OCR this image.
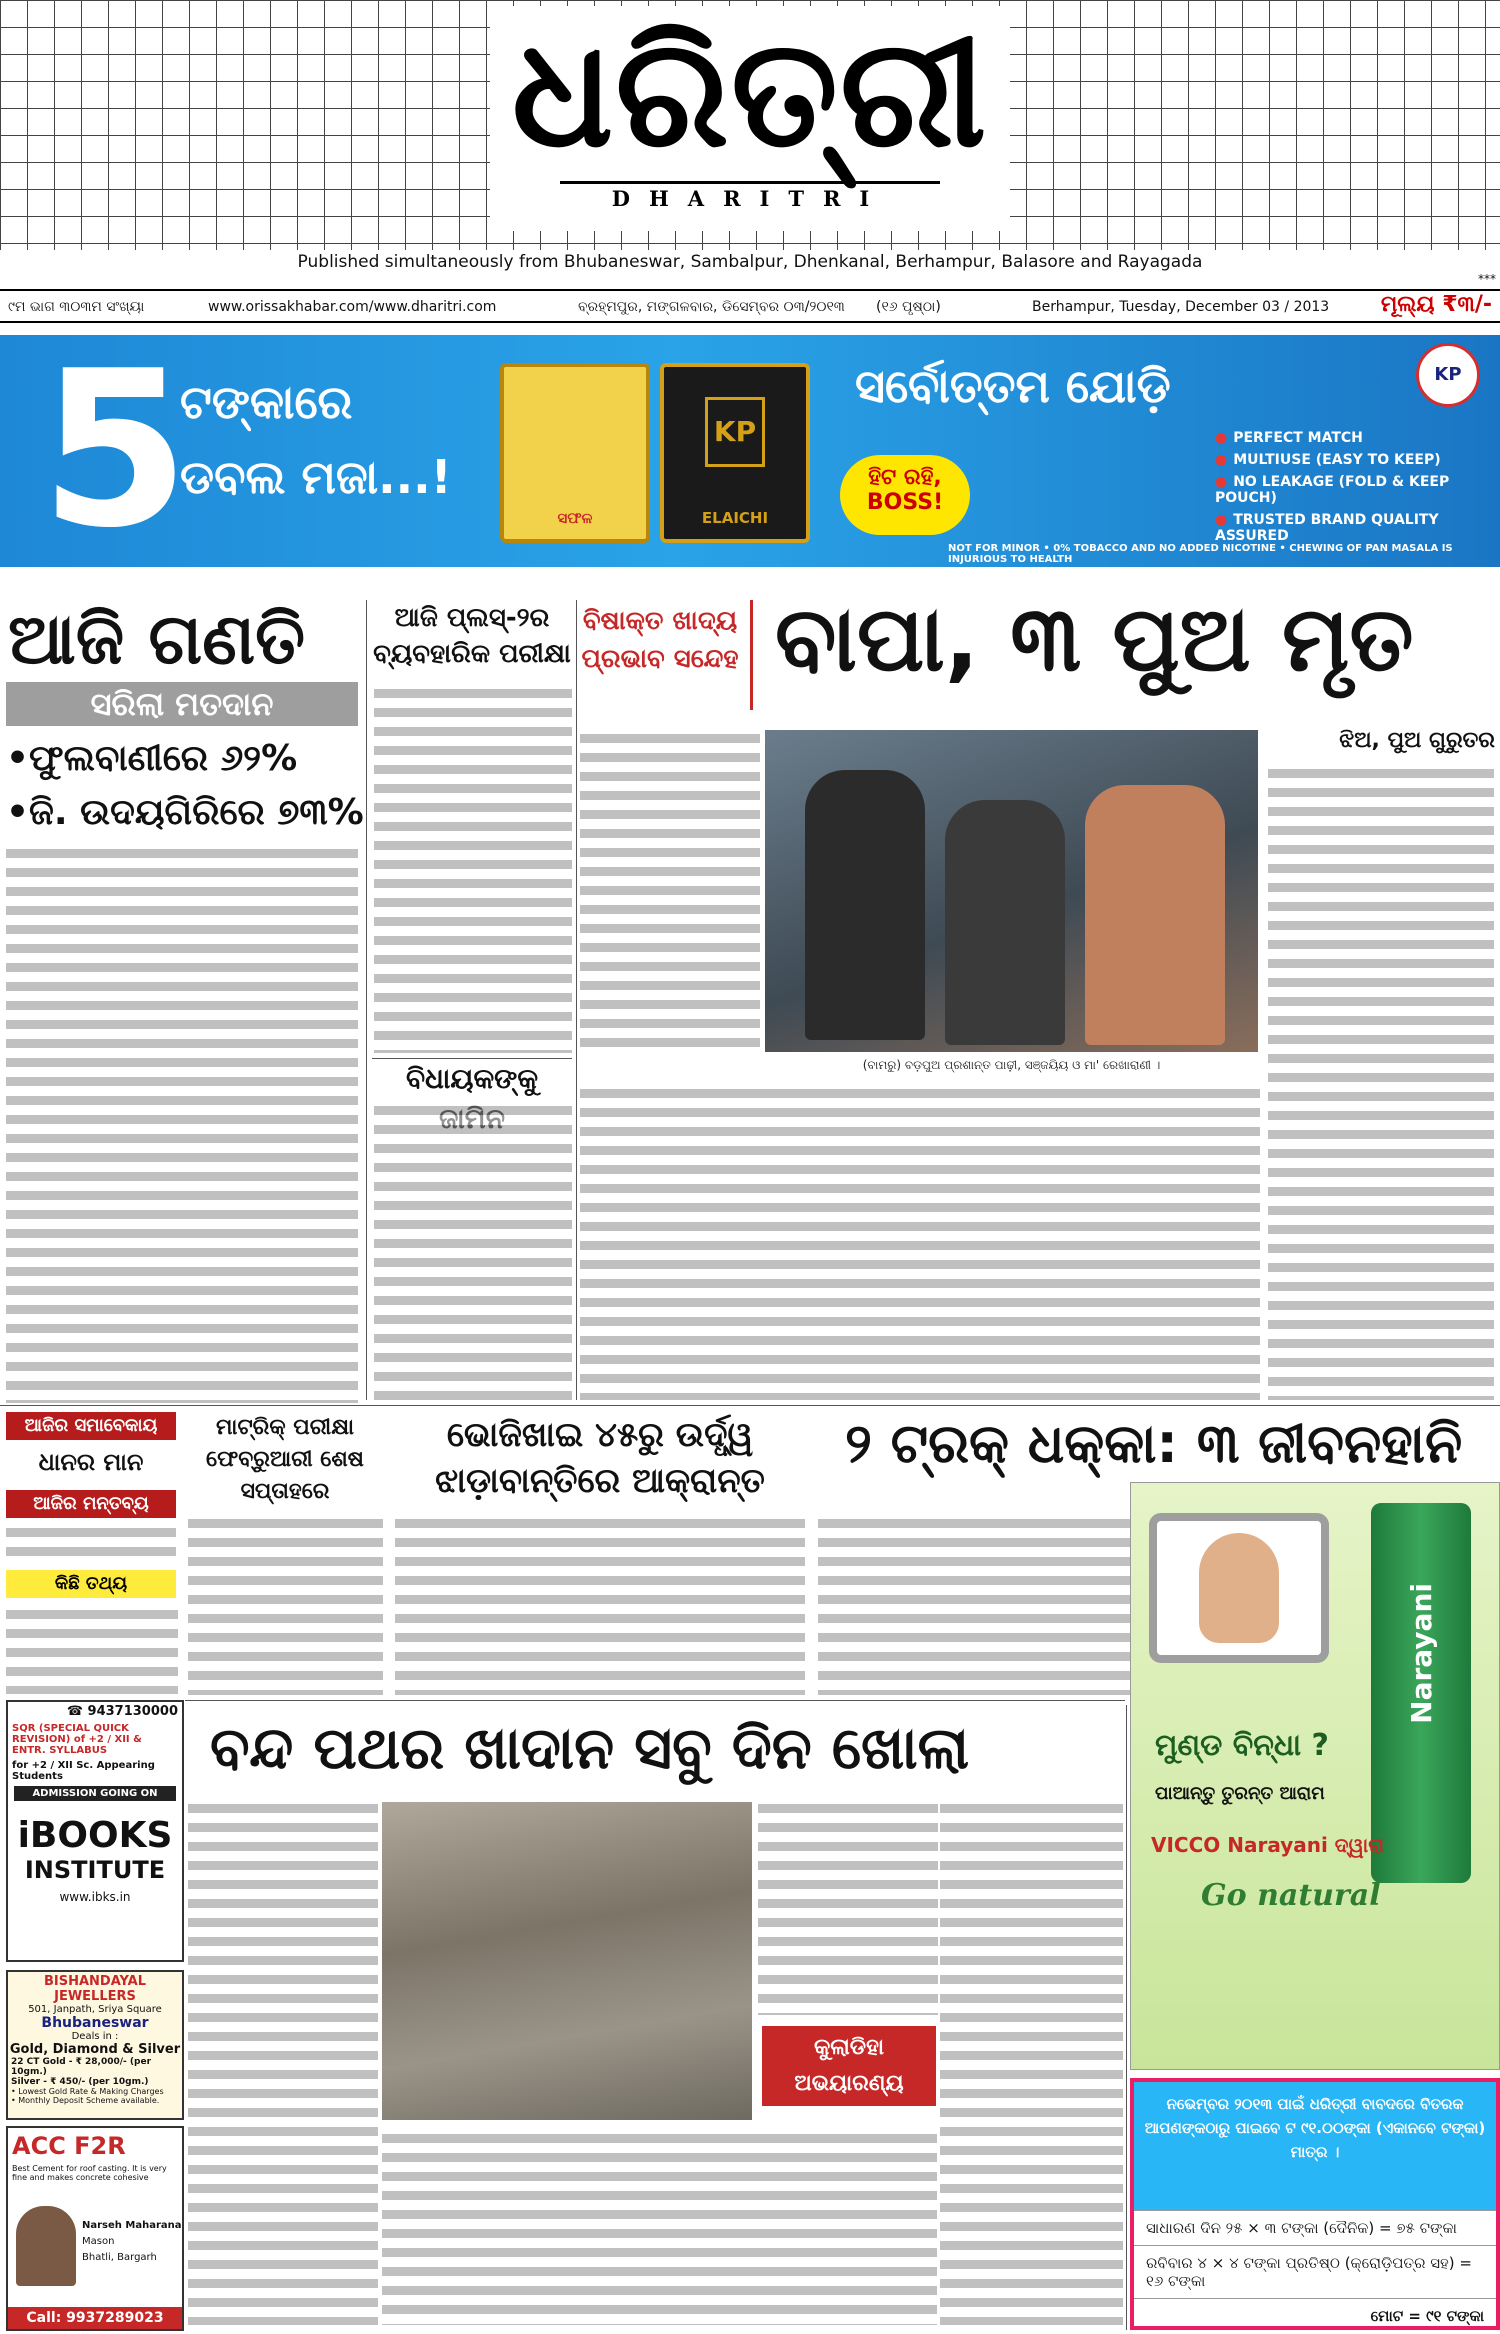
ଧରିତ୍ରୀ
DHARITRI
Published simultaneously from Bhubaneswar, Sambalpur, Dhenkanal, Berhampur, Balasore and Rayagada
***
୯ମ ଭାଗ ୩୦୩ମ ସଂଖ୍ୟା	www.orissakhabar.com/www.dharitri.com	ବ୍ରହ୍ମପୁର, ମଙ୍ଗଳବାର, ଡିସେମ୍ବର ୦୩/୨୦୧୩ (୧୬ ପୃଷ୍ଠା)	Berhampur, Tuesday, December 03 / 2013 ମୂଲ୍ୟ ₹୩/-
5
ଟଙ୍କାରେ
ଡବଲ ମଜା...!
ସଫଳ
KP
ELAICHI
ସର୍ବୋତ୍ତମ ଯୋଡ଼ି
ହିଟ ରହି, BOSS!
● PERFECT MATCH
● MULTIUSE (EASY TO KEEP)
● NO LEAKAGE (FOLD & KEEP POUCH)
● TRUSTED BRAND QUALITY ASSURED
KP
NOT FOR MINOR • 0% TOBACCO AND NO ADDED NICOTINE • CHEWING OF PAN MASALA IS INJURIOUS TO HEALTH
ଆଜି ଗଣତି
ସରିଲା ମତଦାନ
•ଫୁଲବାଣୀରେ ୬୨%
•ଜି. ଉଦୟଗିରିରେ ୭୩%
ଆଜି ପ୍ଲସ୍‌-୨ର ବ୍ୟବହାରିକ ପରୀକ୍ଷା
ବିଧାୟକଙ୍କୁ
ବିଷାକ୍ତ ଖାଦ୍ୟ ପ୍ରଭାବ ସନ୍ଦେହ ବାପା, ୩ ପୁଅ ମୃତ
(ବାମରୁ) ବଡ଼ପୁଅ ପ୍ରଶାନ୍ତ ପାଢ଼ୀ, ସଞ୍ଜୟିୟ ଓ ମା' ରେଖାରାଣୀ ।
ଝିଅ, ପୁଅ ଗୁରୁତର
ଆଜିର ସମାବେକାୟ
ଧାନର ମାନ
ଆଜିର ମନ୍ତବ୍ୟ
କିଛି ତଥ୍ୟ
ମାଟ୍ରିକ୍ ପରୀକ୍ଷା ଫେବ୍ରୁଆରୀ ଶେଷ ସପ୍ତାହରେ
ଭୋଜିଖାଇ ୪୫ରୁ ଉର୍ଦ୍ଧ୍ୱ ଝାଡ଼ାବାନ୍ତିରେ ଆକ୍ରାନ୍ତ
୨ ଟ୍ରକ୍ ଧକ୍କା: ୩ ଜୀବନହାନି
ବନ୍ଦ ପଥର ଖାଦାନ ସବୁ ଦିନ ଖୋଲା
କୁଲାଡିହା ଅଭୟାରଣ୍ୟ
☎ 9437130000
SQR (SPECIAL QUICK REVISION) of +2 / XII & ENTR. SYLLABUS
for +2 / XII Sc. Appearing Students
ADMISSION GOING ON
iBOOKS
INSTITUTE
www.ibks.in
BISHANDAYAL JEWELLERS
501, Janpath, Sriya Square
Bhubaneswar
Deals in :
Gold, Diamond & Silver
22 CT Gold - ₹ 28,000/- (per 10gm.)
Silver - ₹ 450/- (per 10gm.)
• Lowest Gold Rate & Making Charges
• Monthly Deposit Scheme available.
ACC F2R
Best Cement for roof casting. It is very fine and makes concrete cohesive
Narseh Maharana
Mason
Bhatli, Bargarh
Call: 9937289023
Narayani
ମୁଣ୍ଡ ବିନ୍ଧା ?
ପାଆନ୍ତୁ ତୁରନ୍ତ ଆରାମ
VICCO Narayani ଦ୍ୱାରା
Go natural
ନଭେମ୍ବର ୨୦୧୩ ପାଇଁ ଧରିତ୍ରୀ ବାବଦରେ ବିତରକ ଆପଣଙ୍କଠାରୁ ପାଇବେ ଟ ୯୧.୦୦ଙ୍କା (ଏକାନବେ ଟଙ୍କା) ମାତ୍ର ।
ସାଧାରଣ ଦିନ ୨୫ × ୩ ଟଙ୍କା (ଦୈନିକ) = ୭୫ ଟଙ୍କା
ରବିବାର ୪ × ୪ ଟଙ୍କା ପ୍ରତିଷ୍ଠ (କ୍ରୋଡ଼ିପତ୍ର ସହ) = ୧୬ ଟଙ୍କା
ମୋଟ = ୯୧ ଟଙ୍କା
